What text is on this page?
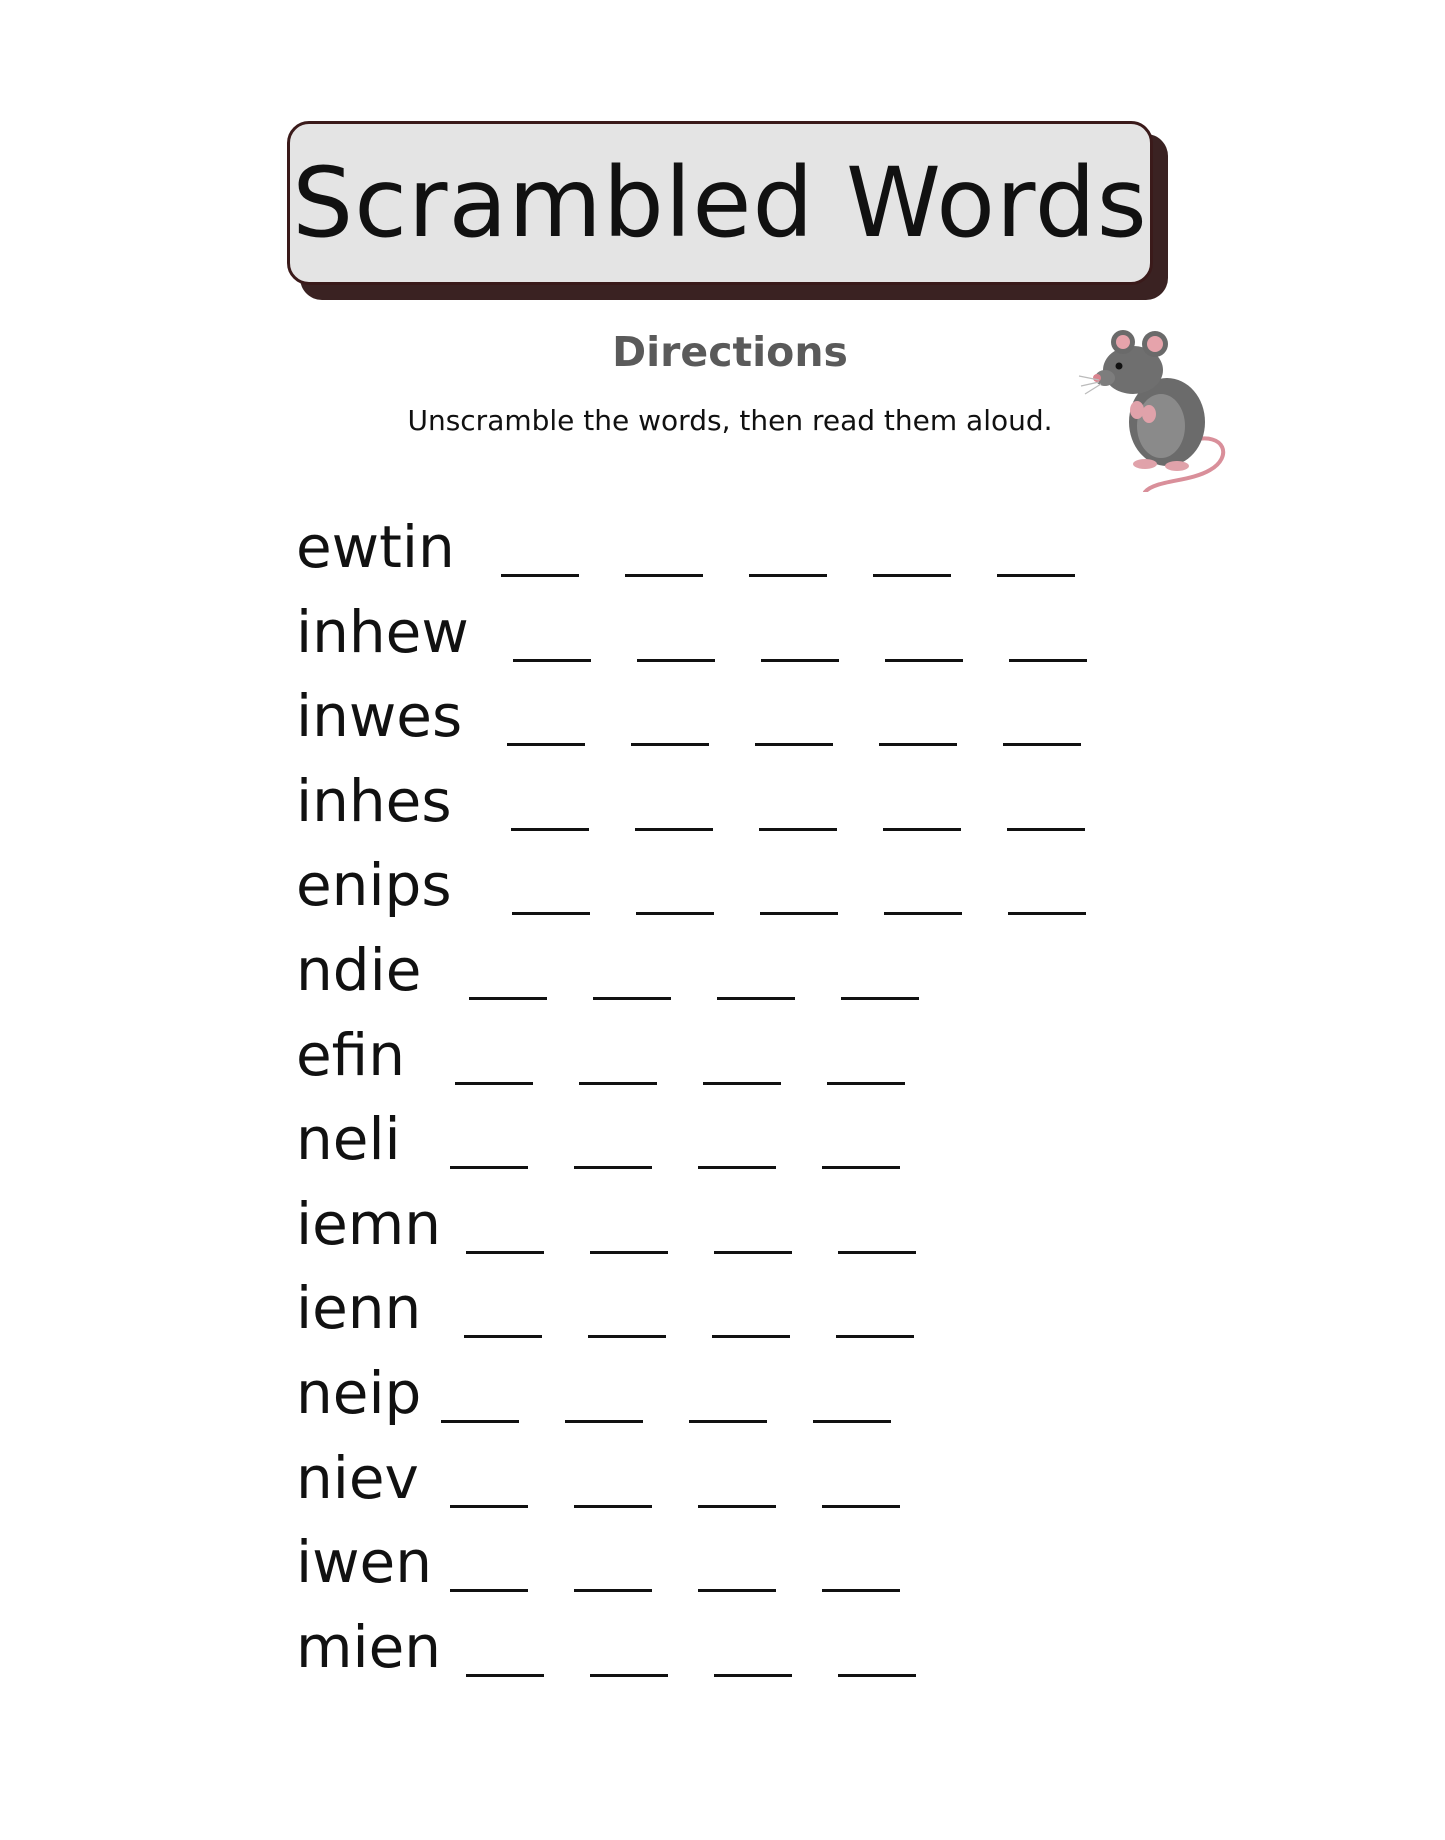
Scrambled Words
Directions
Unscramble the words, then read them aloud.
ewtin
inhew
inwes
inhes
enips
ndie
efin
neli
iemn
ienn
neip
niev
iwen
mien
